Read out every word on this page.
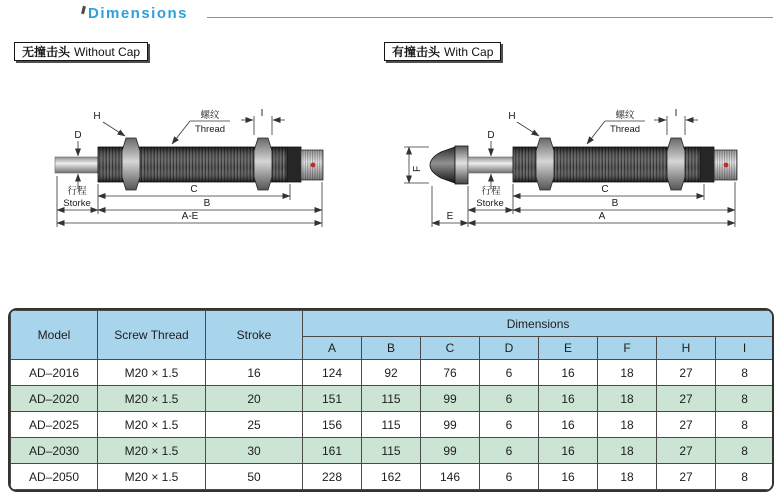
Dimensions
无撞击头 Without Cap	有撞击头 With Cap
D
H	螺纹
Thread
I
C
行程
Storke	B
A-E
F
D
H	螺纹
Thread
I
C
行程
Storke	B
E	A
Model	Screw Thread	Stroke	Dimensions							
			A	B	C	D	E	F	H	I
AD–2016	M20 × 1.5	16	124	92	76	6	16	18	27	8
AD–2020	M20 × 1.5	20	151	115	99	6	16	18	27	8
AD–2025	M20 × 1.5	25	156	115	99	6	16	18	27	8
AD–2030	M20 × 1.5	30	161	115	99	6	16	18	27	8
AD–2050	M20 × 1.5	50	228	162	146	6	16	18	27	8
